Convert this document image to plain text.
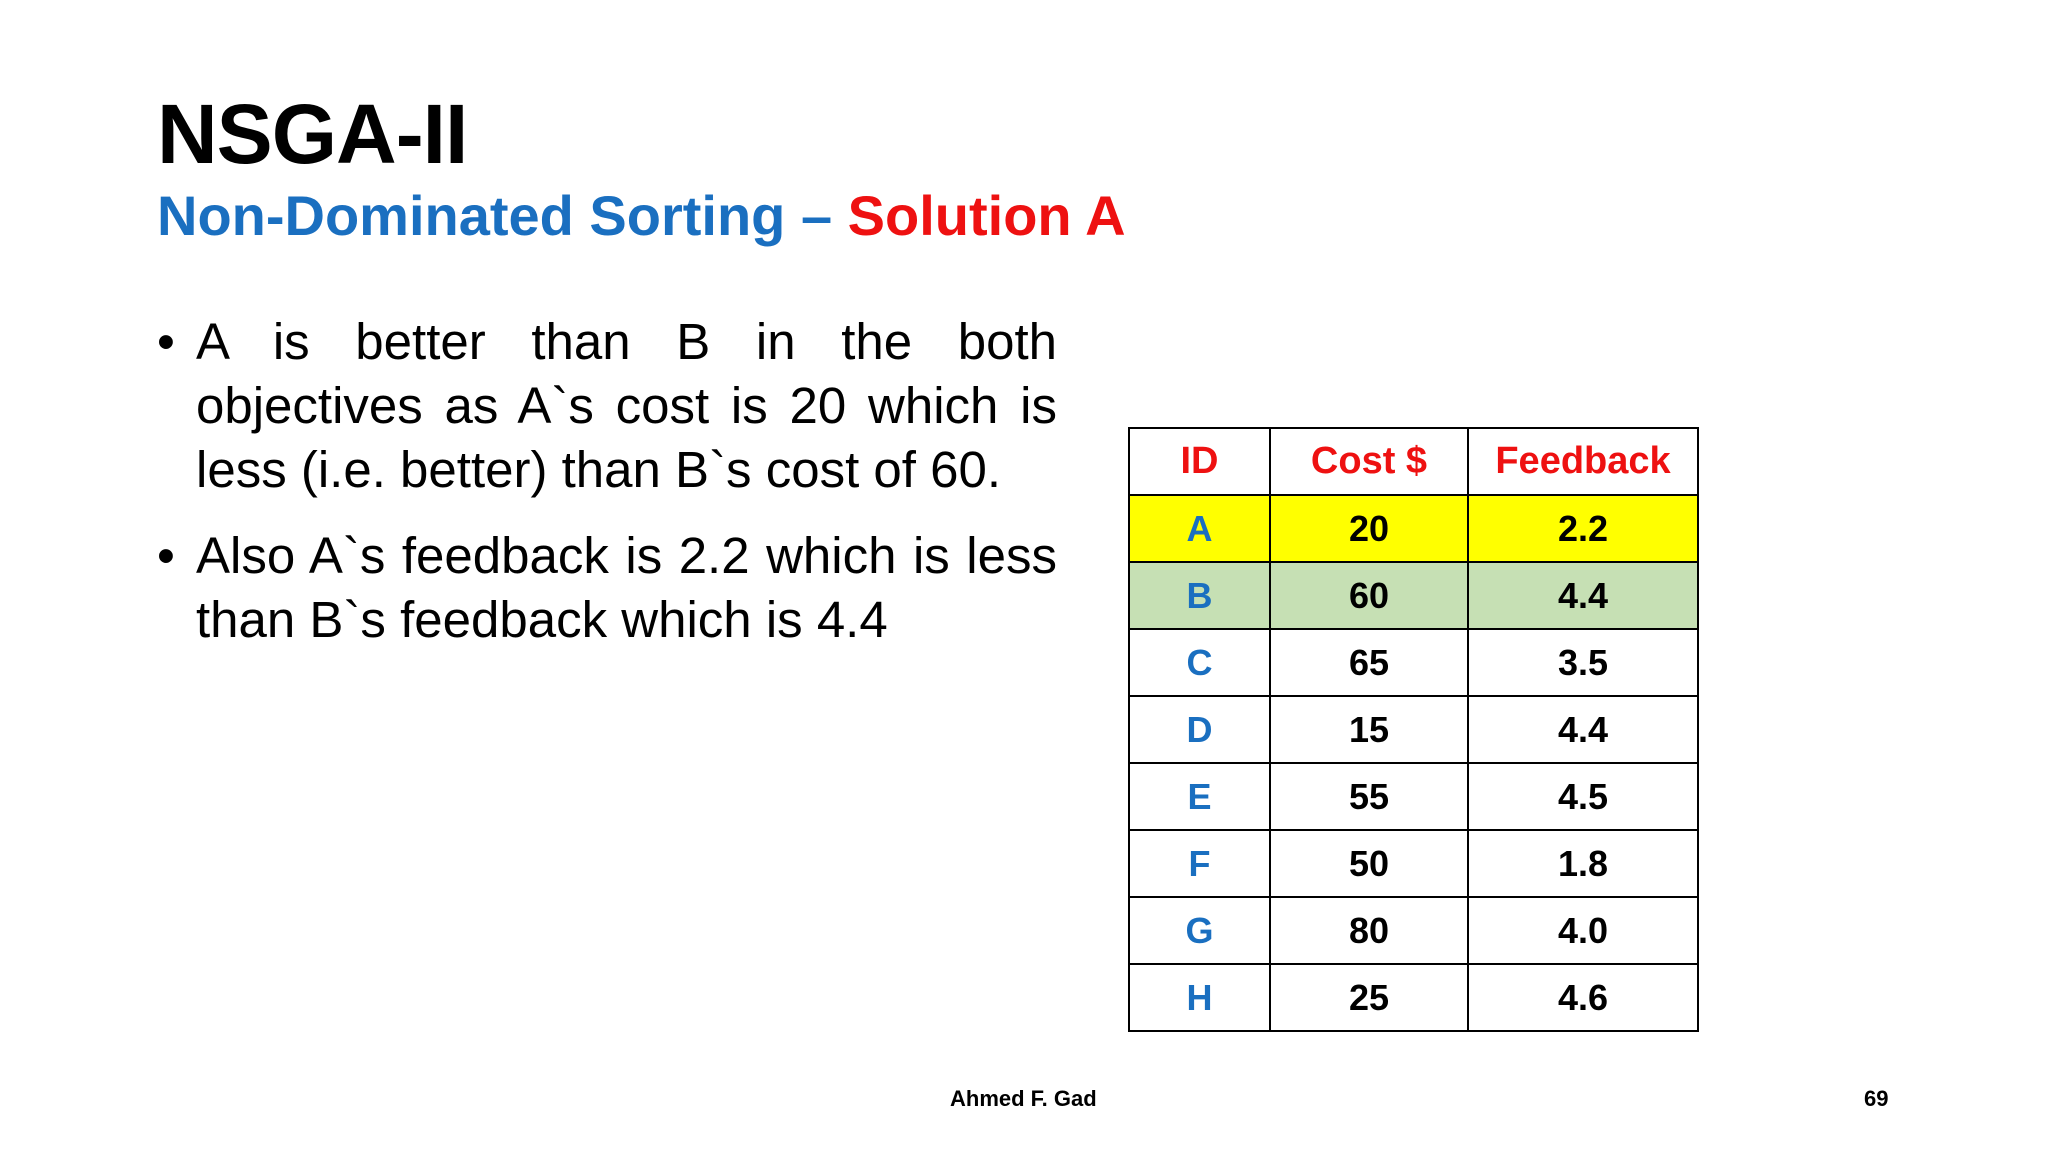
NSGA-II
Non-Dominated Sorting – Solution A
• A is better than B in the both objectives as A`s cost is 20 which is less (i.e. better) than B`s cost of 60.
• Also A`s feedback is 2.2 which is less than B`s feedback which is 4.4
ID	Cost $	Feedback
A	20	2.2
B	60	4.4
C	65	3.5
D	15	4.4
E	55	4.5
F	50	1.8
G	80	4.0
H	25	4.6
Ahmed F. Gad	69
